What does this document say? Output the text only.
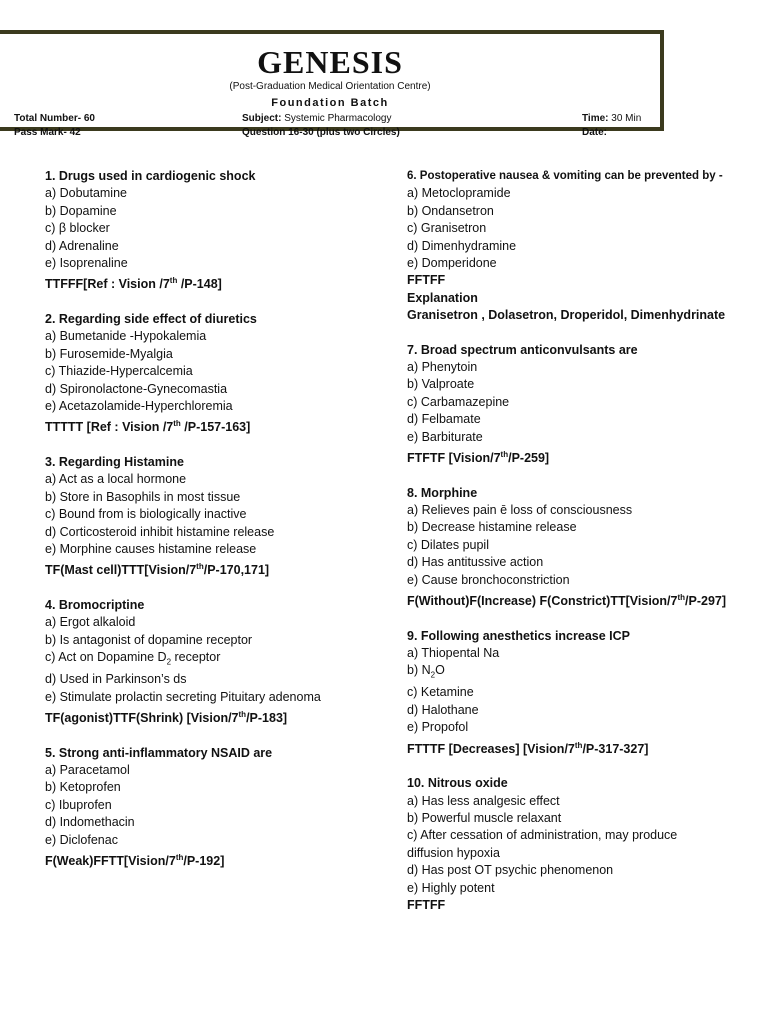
GENESIS
(Post-Graduation Medical Orientation Centre)
Foundation Batch
Total Number- 60	Subject: Systemic Pharmacology	Time: 30 Min
Pass Mark- 42	Question 16-30 (plus two Circles)	Date:
1. Drugs used in cardiogenic shock
a) Dobutamine
b) Dopamine
c) β blocker
d) Adrenaline
e) Isoprenaline
TTFFF[Ref : Vision /7th /P-148]
2. Regarding side effect of diuretics
a) Bumetanide -Hypokalemia
b) Furosemide-Myalgia
c) Thiazide-Hypercalcemia
d) Spironolactone-Gynecomastia
e) Acetazolamide-Hyperchloremia
TTTTT [Ref : Vision /7th /P-157-163]
3. Regarding Histamine
a) Act as a local hormone
b) Store in Basophils in most tissue
c) Bound from is biologically inactive
d) Corticosteroid inhibit histamine release
e) Morphine causes histamine release
TF(Mast cell)TTT[Vision/7th/P-170,171]
4. Bromocriptine
a) Ergot alkaloid
b) Is antagonist of dopamine receptor
c) Act on Dopamine $D_2$ receptor
d) Used in Parkinson’s ds
e) Stimulate prolactin secreting Pituitary adenoma
TF(agonist)TTF(Shrink) [Vision/7th/P-183]
5. Strong anti-inflammatory NSAID are
a) Paracetamol
b) Ketoprofen
c) Ibuprofen
d) Indomethacin
e) Diclofenac
F(Weak)FFTT[Vision/7th/P-192]
6. Postoperative nausea & vomiting can be prevented by -
a) Metoclopramide
b) Ondansetron
c) Granisetron
d) Dimenhydramine
e) Domperidone
FFTFF
Explanation
Granisetron , Dolasetron, Droperidol, Dimenhydrinate
7. Broad spectrum anticonvulsants are
a) Phenytoin
b) Valproate
c) Carbamazepine
d) Felbamate
e) Barbiturate
FTFTF [Vision/7th/P-259]
8. Morphine
a) Relieves pain ē loss of consciousness
b) Decrease histamine release
c) Dilates pupil
d) Has antitussive action
e) Cause bronchoconstriction
F(Without)F(Increase) F(Constrict)TT[Vision/7th/P-297]
9. Following anesthetics increase ICP
a) Thiopental Na
b) $N_2O$
c) Ketamine
d) Halothane
e) Propofol
FTTTF [Decreases] [Vision/7th/P-317-327]
10. Nitrous oxide
a) Has less analgesic effect
b) Powerful muscle relaxant
c) After cessation of administration, may produce
diffusion hypoxia
d) Has post OT psychic phenomenon
e) Highly potent
FFTFF
